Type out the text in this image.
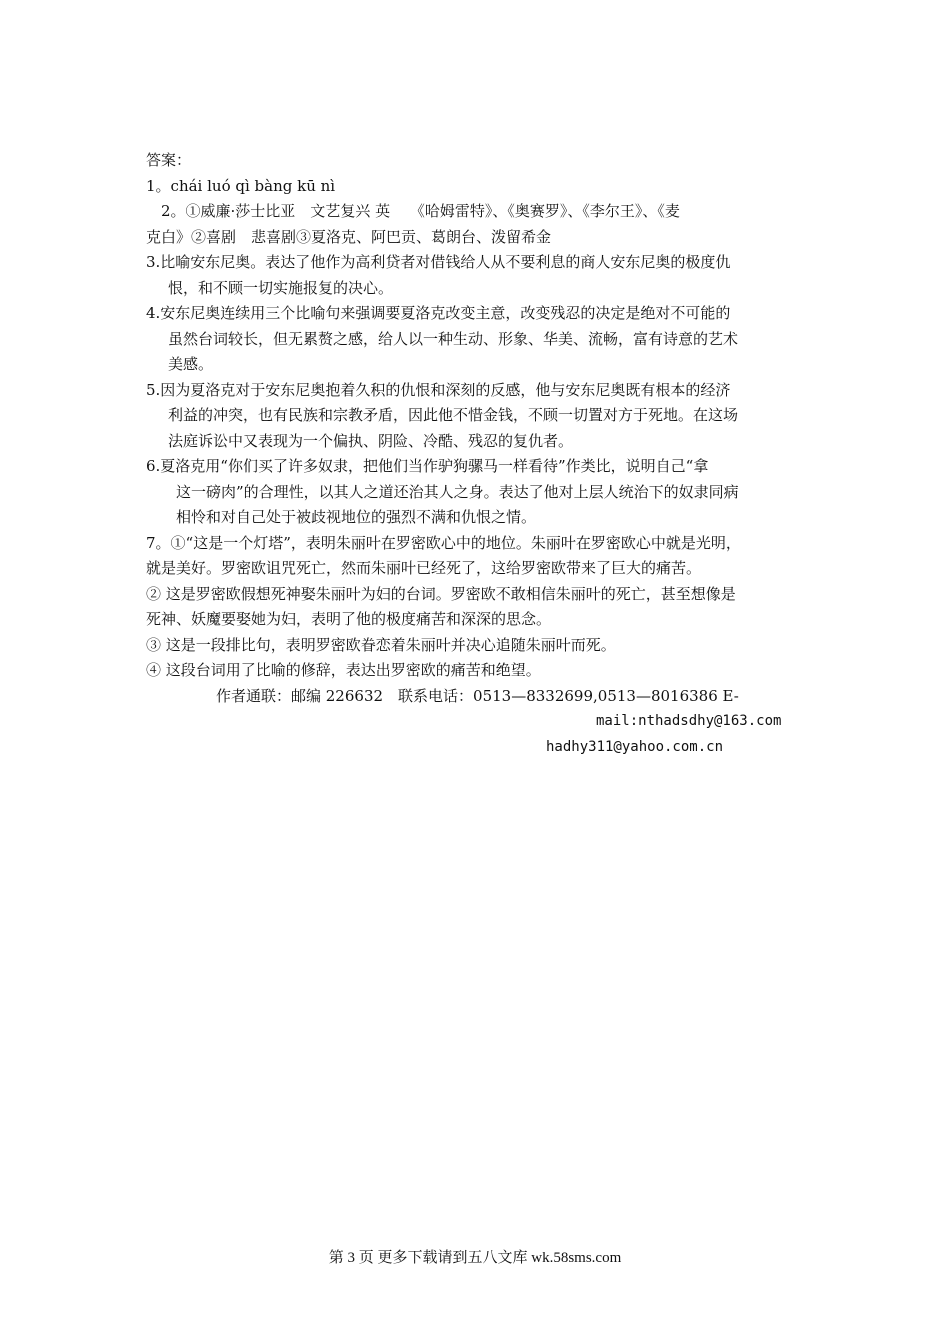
答案：
1。chái luó qì bàng kū nì
2。①威廉·莎士比亚　文艺复兴 英　 《哈姆雷特》、《奥赛罗》、《李尔王》、《麦
克白》②喜剧　悲喜剧③夏洛克、阿巴贡、葛朗台、泼留希金
3.比喻安东尼奥。表达了他作为高利贷者对借钱给人从不要利息的商人安东尼奥的极度仇
恨，和不顾一切实施报复的决心。
4.安东尼奥连续用三个比喻句来强调要夏洛克改变主意，改变残忍的决定是绝对不可能的
虽然台词较长，但无累赘之感，给人以一种生动、形象、华美、流畅，富有诗意的艺术
美感。
5.因为夏洛克对于安东尼奥抱着久积的仇恨和深刻的反感，他与安东尼奥既有根本的经济
利益的冲突，也有民族和宗教矛盾，因此他不惜金钱，不顾一切置对方于死地。在这场
法庭诉讼中又表现为一个偏执、阴险、冷酷、残忍的复仇者。
6.夏洛克用“你们买了许多奴隶，把他们当作驴狗骡马一样看待”作类比，说明自己“拿
这一磅肉”的合理性，以其人之道还治其人之身。表达了他对上层人统治下的奴隶同病
相怜和对自己处于被歧视地位的强烈不满和仇恨之情。
7。①“这是一个灯塔”，表明朱丽叶在罗密欧心中的地位。朱丽叶在罗密欧心中就是光明，
就是美好。罗密欧诅咒死亡，然而朱丽叶已经死了，这给罗密欧带来了巨大的痛苦。
② 这是罗密欧假想死神娶朱丽叶为妇的台词。罗密欧不敢相信朱丽叶的死亡，甚至想像是
死神、妖魔要娶她为妇，表明了他的极度痛苦和深深的思念。
③ 这是一段排比句，表明罗密欧眷恋着朱丽叶并决心追随朱丽叶而死。
④ 这段台词用了比喻的修辞，表达出罗密欧的痛苦和绝望。
作者通联：邮编 226632　联系电话：0513—8332699,0513—8016386 E-
mail:nthadsdhy@163.com
hadhy311@yahoo.com.cn
第 3 页 更多下载请到五八文库 wk.58sms.com
